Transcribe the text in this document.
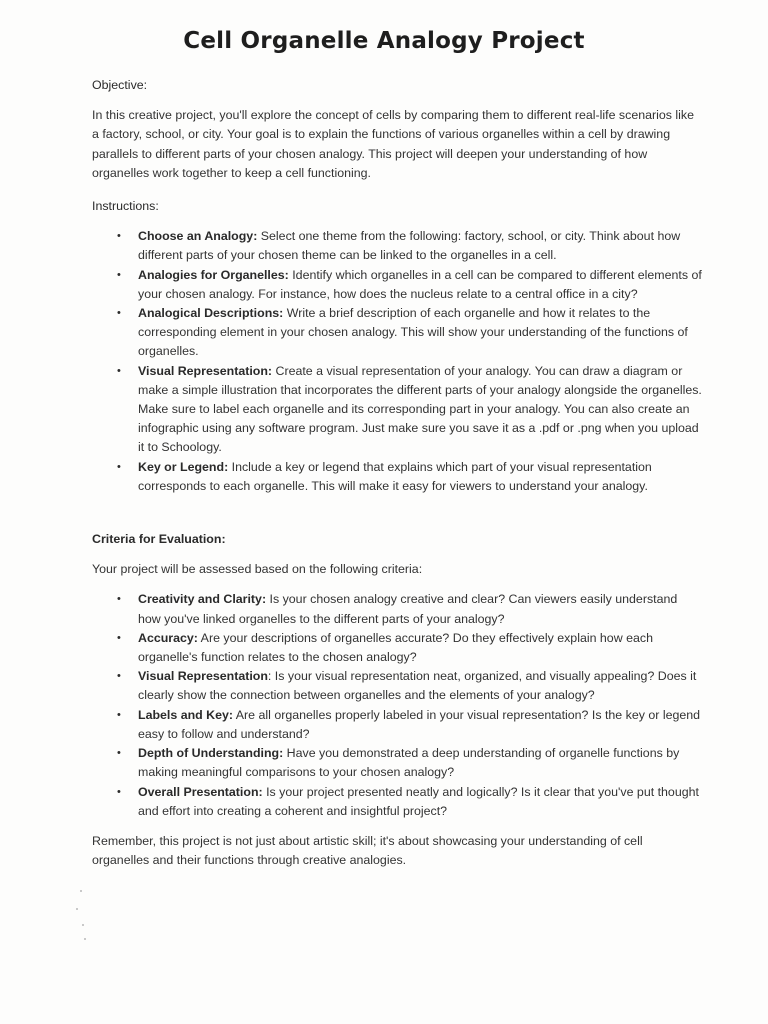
Cell Organelle Analogy Project

Objective:

In this creative project, you'll explore the concept of cells by comparing them to different real-life scenarios like a factory, school, or city. Your goal is to explain the functions of various organelles within a cell by drawing parallels to different parts of your chosen analogy. This project will deepen your understanding of how organelles work together to keep a cell functioning.

Instructions:

• Choose an Analogy: Select one theme from the following: factory, school, or city. Think about how different parts of your chosen theme can be linked to the organelles in a cell.
• Analogies for Organelles: Identify which organelles in a cell can be compared to different elements of your chosen analogy. For instance, how does the nucleus relate to a central office in a city?
• Analogical Descriptions: Write a brief description of each organelle and how it relates to the corresponding element in your chosen analogy. This will show your understanding of the functions of organelles.
• Visual Representation: Create a visual representation of your analogy. You can draw a diagram or make a simple illustration that incorporates the different parts of your analogy alongside the organelles. Make sure to label each organelle and its corresponding part in your analogy. You can also create an infographic using any software program. Just make sure you save it as a .pdf or .png when you upload it to Schoology.
• Key or Legend: Include a key or legend that explains which part of your visual representation corresponds to each organelle. This will make it easy for viewers to understand your analogy.

Criteria for Evaluation:

Your project will be assessed based on the following criteria:

• Creativity and Clarity: Is your chosen analogy creative and clear? Can viewers easily understand how you've linked organelles to the different parts of your analogy?
• Accuracy: Are your descriptions of organelles accurate? Do they effectively explain how each organelle's function relates to the chosen analogy?
• Visual Representation: Is your visual representation neat, organized, and visually appealing? Does it clearly show the connection between organelles and the elements of your analogy?
• Labels and Key: Are all organelles properly labeled in your visual representation? Is the key or legend easy to follow and understand?
• Depth of Understanding: Have you demonstrated a deep understanding of organelle functions by making meaningful comparisons to your chosen analogy?
• Overall Presentation: Is your project presented neatly and logically? Is it clear that you've put thought and effort into creating a coherent and insightful project?

Remember, this project is not just about artistic skill; it's about showcasing your understanding of cell organelles and their functions through creative analogies.
